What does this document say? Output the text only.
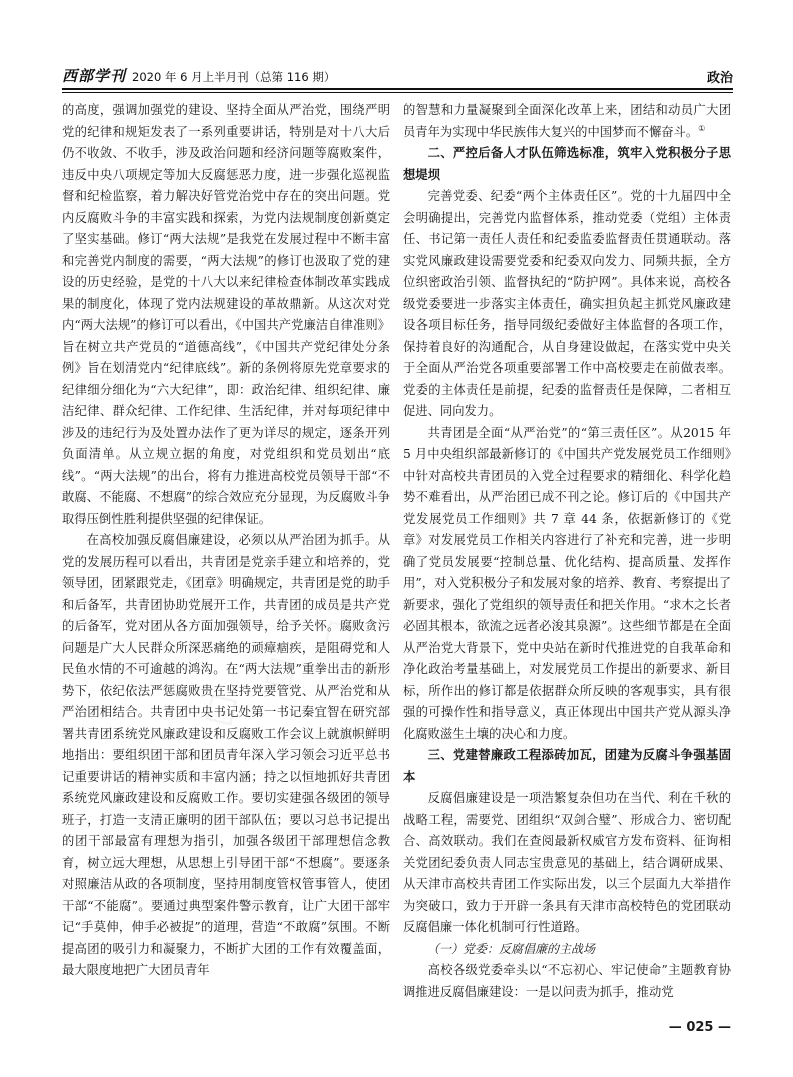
西部学刊 2020 年 6 月上半月刊（总第 116 期）	政治

的高度，强调加强党的建设、坚持全面从严治党，围绕严明党的纪律和规矩发表了一系列重要讲话，特别是对十八大后仍不收敛、不收手，涉及政治问题和经济问题等腐败案件，违反中央八项规定等加大反腐惩恶力度，进一步强化巡视监督和纪检监察，着力解决好管党治党中存在的突出问题。党内反腐败斗争的丰富实践和探索，为党内法规制度创新奠定了坚实基础。修订“两大法规”是我党在发展过程中不断丰富和完善党内制度的需要，“两大法规”的修订也汲取了党的建设的历史经验，是党的十八大以来纪律检查体制改革实践成果的制度化，体现了党内法规建设的革故鼎新。从这次对党内“两大法规”的修订可以看出，《中国共产党廉洁自律准则》旨在树立共产党员的“道德高线”，《中国共产党纪律处分条例》旨在划清党内“纪律底线”。新的条例将原先党章要求的纪律细分细化为“六大纪律”，即：政治纪律、组织纪律、廉洁纪律、群众纪律、工作纪律、生活纪律，并对每项纪律中涉及的违纪行为及处置办法作了更为详尽的规定，逐条开列负面清单。从立规立据的角度，对党组织和党员划出“底线”。“两大法规”的出台，将有力推进高校党员领导干部“不敢腐、不能腐、不想腐”的综合效应充分显现，为反腐败斗争取得压倒性胜利提供坚强的纪律保证。

在高校加强反腐倡廉建设，必须以从严治团为抓手。从党的发展历程可以看出，共青团是党亲手建立和培养的，党领导团，团紧跟党走，《团章》明确规定，共青团是党的助手和后备军，共青团协助党展开工作，共青团的成员是共产党的后备军，党对团从各方面加强领导，给予关怀。腐败贪污问题是广大人民群众所深恶痛绝的顽瘴痼疾，是阻碍党和人民鱼水情的不可逾越的鸿沟。在“两大法规”重拳出击的新形势下，依纪依法严惩腐败贵在坚持党要管党、从严治党和从严治团相结合。共青团中央书记处第一书记秦宜智在研究部署共青团系统党风廉政建设和反腐败工作会议上就旗帜鲜明地指出：要组织团干部和团员青年深入学习领会习近平总书记重要讲话的精神实质和丰富内涵；持之以恒地抓好共青团系统党风廉政建设和反腐败工作。要切实建强各级团的领导班子，打造一支清正廉明的团干部队伍；要以习总书记提出的团干部最富有理想为指引，加强各级团干部理想信念教育，树立远大理想，从思想上引导团干部“不想腐”。要逐条对照廉洁从政的各项制度，坚持用制度管权管事管人，使团干部“不能腐”。要通过典型案件警示教育，让广大团干部牢记“手莫伸，伸手必被捉”的道理，营造“不敢腐”氛围。不断提高团的吸引力和凝聚力，不断扩大团的工作有效覆盖面，最大限度地把广大团员青年

的智慧和力量凝聚到全面深化改革上来，团结和动员广大团员青年为实现中华民族伟大复兴的中国梦而不懈奋斗。①

二、严控后备人才队伍筛选标准，筑牢入党积极分子思想堤坝

完善党委、纪委“两个主体责任区”。党的十九届四中全会明确提出，完善党内监督体系，推动党委（党组）主体责任、书记第一责任人责任和纪委监委监督责任贯通联动。落实党风廉政建设需要党委和纪委双向发力、同频共振，全方位织密政治引领、监督执纪的“防护网”。具体来说，高校各级党委要进一步落实主体责任，确实担负起主抓党风廉政建设各项目标任务，指导同级纪委做好主体监督的各项工作，保持着良好的沟通配合，从自身建设做起，在落实党中央关于全面从严治党各项重要部署工作中高校要走在前做表率。党委的主体责任是前提，纪委的监督责任是保障，二者相互促进、同向发力。

共青团是全面“从严治党”的“第三责任区”。从2015 年 5 月中央组织部最新修订的《中国共产党发展党员工作细则》中针对高校共青团员的入党全过程要求的精细化、科学化趋势不难看出，从严治团已成不刊之论。修订后的《中国共产党发展党员工作细则》共 7 章 44 条，依据新修订的《党章》对发展党员工作相关内容进行了补充和完善，进一步明确了党员发展要“控制总量、优化结构、提高质量、发挥作用”，对入党积极分子和发展对象的培养、教育、考察提出了新要求，强化了党组织的领导责任和把关作用。“求木之长者必固其根本，欲流之远者必浚其泉源”。这些细节都是在全面从严治党大背景下，党中央站在新时代推进党的自我革命和净化政治考量基础上，对发展党员工作提出的新要求、新目标，所作出的修订都是依据群众所反映的客观事实，具有很强的可操作性和指导意义，真正体现出中国共产党从源头净化腐败滋生土壤的决心和力度。

三、党建替廉政工程添砖加瓦，团建为反腐斗争强基固本

反腐倡廉建设是一项浩繁复杂但功在当代、利在千秋的战略工程，需要党、团组织“双剑合璧”、形成合力、密切配合、高效联动。我们在查阅最新权威官方发布资料、征询相关党团纪委负责人同志宝贵意见的基础上，结合调研成果、从天津市高校共青团工作实际出发，以三个层面九大举措作为突破口，致力于开辟一条具有天津市高校特色的党团联动反腐倡廉一体化机制可行性道路。

（一）党委：反腐倡廉的主战场

高校各级党委牵头以“不忘初心、牢记使命”主题教育协调推进反腐倡廉建设：一是以问责为抓手，推动党

— 025 —
